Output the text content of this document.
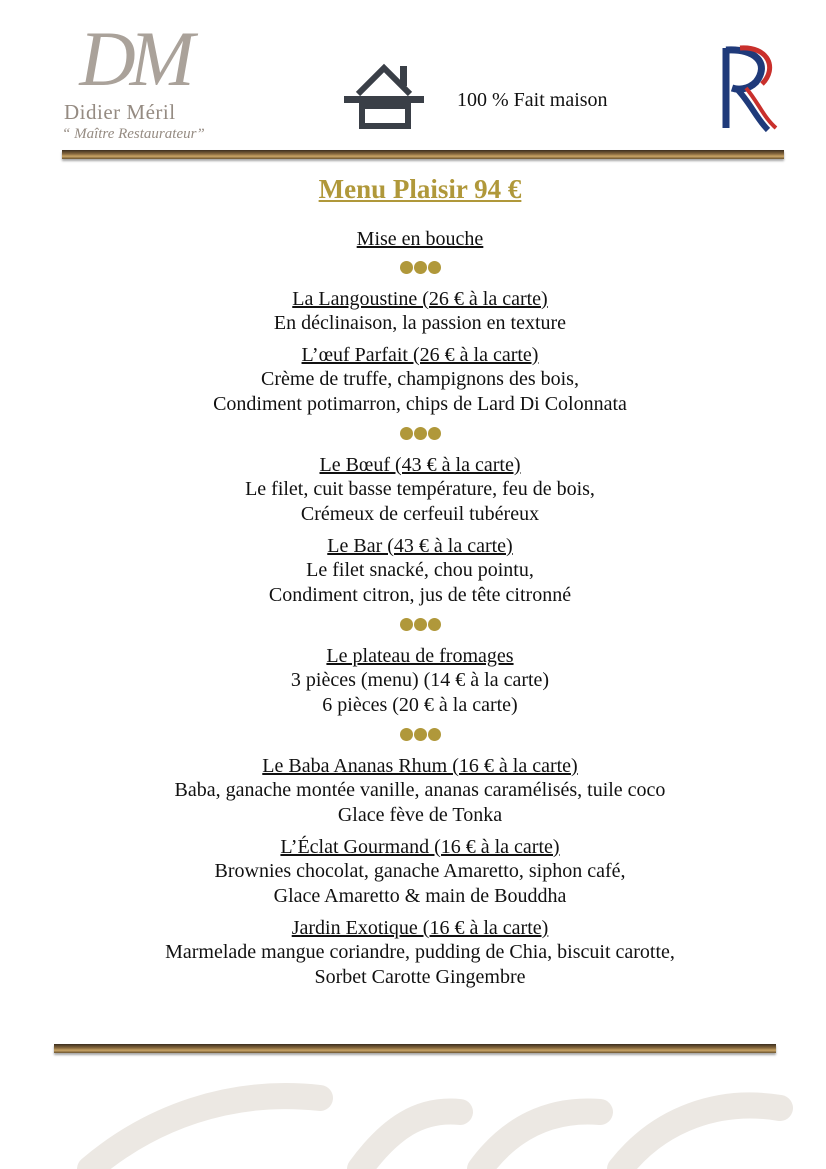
DM
Didier Méril
“ Maître Restaurateur”
100 % Fait maison
Menu Plaisir 94 €
Mise en bouche
La Langoustine (26 € à la carte)
En déclinaison, la passion en texture
L’œuf Parfait (26 € à la carte)
Crème de truffe, champignons des bois,
Condiment potimarron, chips de Lard Di Colonnata
Le Bœuf (43 € à la carte)
Le filet, cuit basse température, feu de bois,
Crémeux de cerfeuil tubéreux
Le Bar (43 € à la carte)
Le filet snacké, chou pointu,
Condiment citron, jus de tête citronné
Le plateau de fromages
3 pièces (menu) (14 € à la carte)
6 pièces (20 € à la carte)
Le Baba Ananas Rhum (16 € à la carte)
Baba, ganache montée vanille, ananas caramélisés, tuile coco
Glace fève de Tonka
L’Éclat Gourmand (16 € à la carte)
Brownies chocolat, ganache Amaretto, siphon café,
Glace Amaretto & main de Bouddha
Jardin Exotique (16 € à la carte)
Marmelade mangue coriandre, pudding de Chia, biscuit carotte,
Sorbet Carotte Gingembre
